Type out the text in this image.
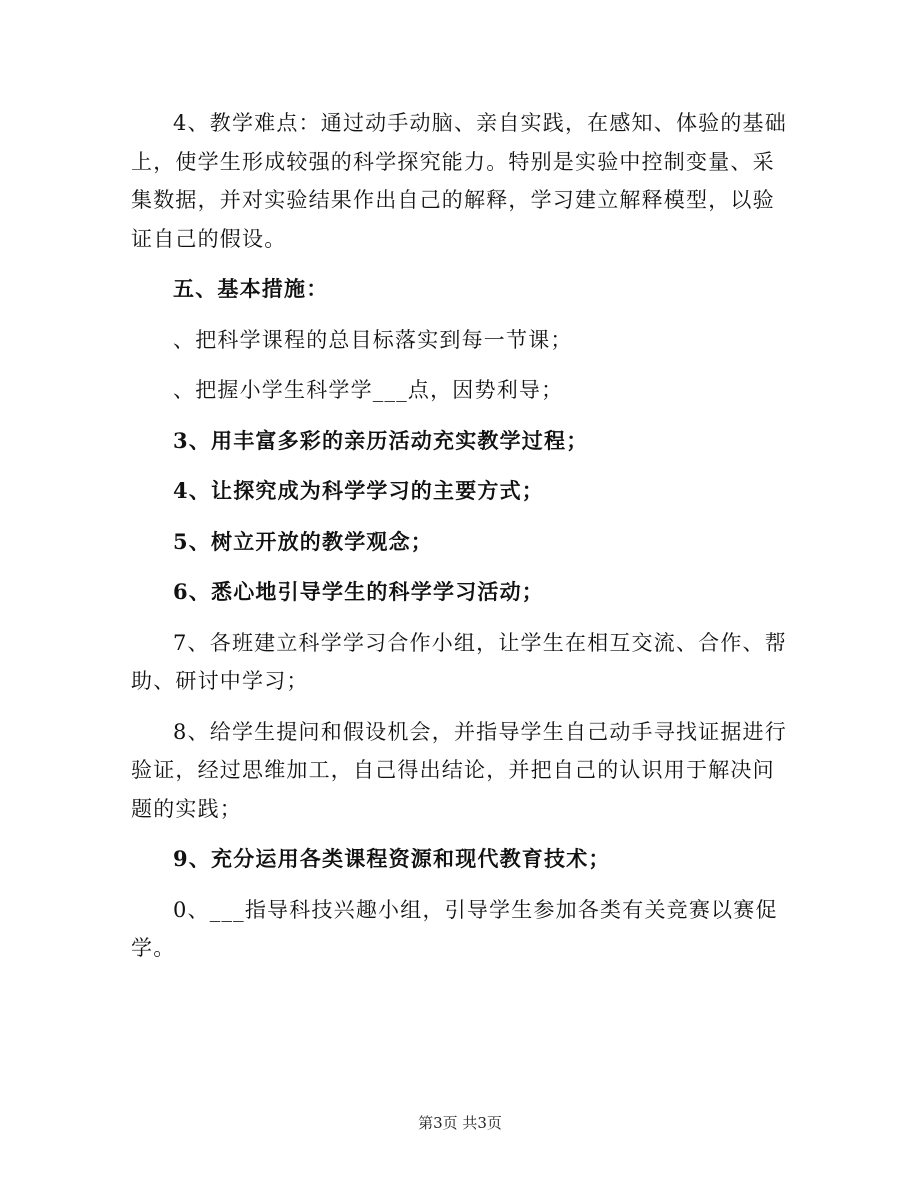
4、教学难点：通过动手动脑、亲自实践，在感知、体验的基础上，使学生形成较强的科学探究能力。特别是实验中控制变量、采集数据，并对实验结果作出自己的解释，学习建立解释模型，以验证自己的假设。

五、基本措施：

、把科学课程的总目标落实到每一节课；

、把握小学生科学学___点，因势利导；

3、用丰富多彩的亲历活动充实教学过程；

4、让探究成为科学学习的主要方式；

5、树立开放的教学观念；

6、悉心地引导学生的科学学习活动；

7、各班建立科学学习合作小组，让学生在相互交流、合作、帮助、研讨中学习；

8、给学生提问和假设机会，并指导学生自己动手寻找证据进行验证，经过思维加工，自己得出结论，并把自己的认识用于解决问题的实践；

9、充分运用各类课程资源和现代教育技术；

0、___指导科技兴趣小组，引导学生参加各类有关竞赛以赛促学。

第3页 共3页
